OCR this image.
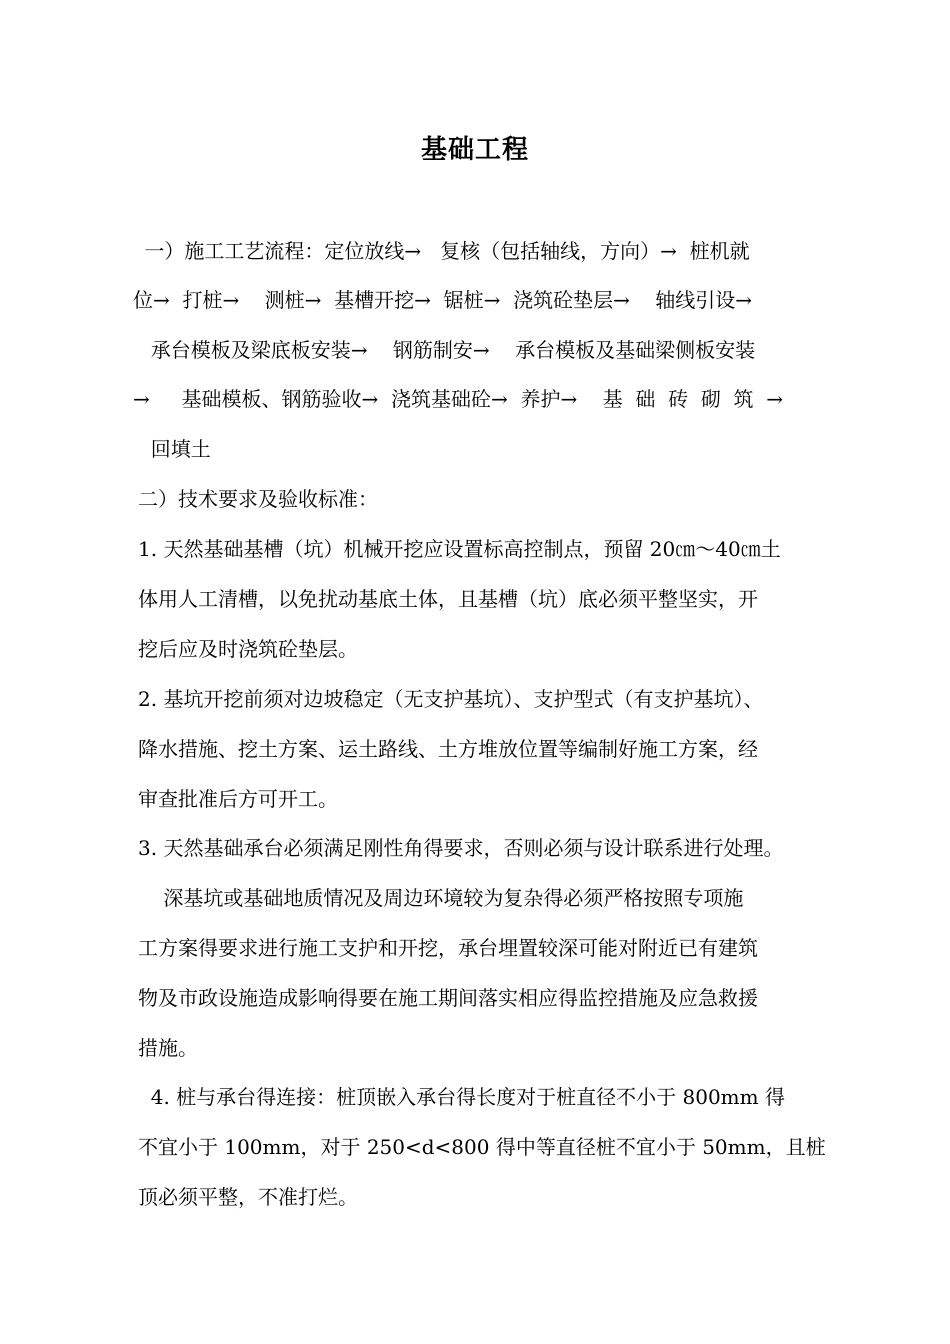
基础工程
一）施工工艺流程：定位放线→   复核（包括轴线，方向）→  桩机就
位→  打桩→    测桩→  基槽开挖→  锯桩→  浇筑砼垫层→    轴线引设→
承台模板及梁底板安装→    钢筋制安→    承台模板及基础梁侧板安装
→     基础模板、钢筋验收→  浇筑基础砼→  养护→    基  础  砖  砌  筑  →
回填土
二）技术要求及验收标准：
1. 天然基础基槽（坑）机械开挖应设置标高控制点，预留 20㎝～40㎝土
体用人工清槽，以免扰动基底土体，且基槽（坑）底必须平整坚实，开
挖后应及时浇筑砼垫层。
2. 基坑开挖前须对边坡稳定（无支护基坑）、支护型式（有支护基坑）、
降水措施、挖土方案、运土路线、土方堆放位置等编制好施工方案，经
审查批准后方可开工。
3. 天然基础承台必须满足刚性角得要求，否则必须与设计联系进行处理。
深基坑或基础地质情况及周边环境较为复杂得必须严格按照专项施
工方案得要求进行施工支护和开挖，承台埋置较深可能对附近已有建筑
物及市政设施造成影响得要在施工期间落实相应得监控措施及应急救援
措施。
4. 桩与承台得连接：桩顶嵌入承台得长度对于桩直径不小于 800mm 得
不宜小于 100mm，对于 250<d<800 得中等直径桩不宜小于 50mm，且桩
顶必须平整，不准打烂。
